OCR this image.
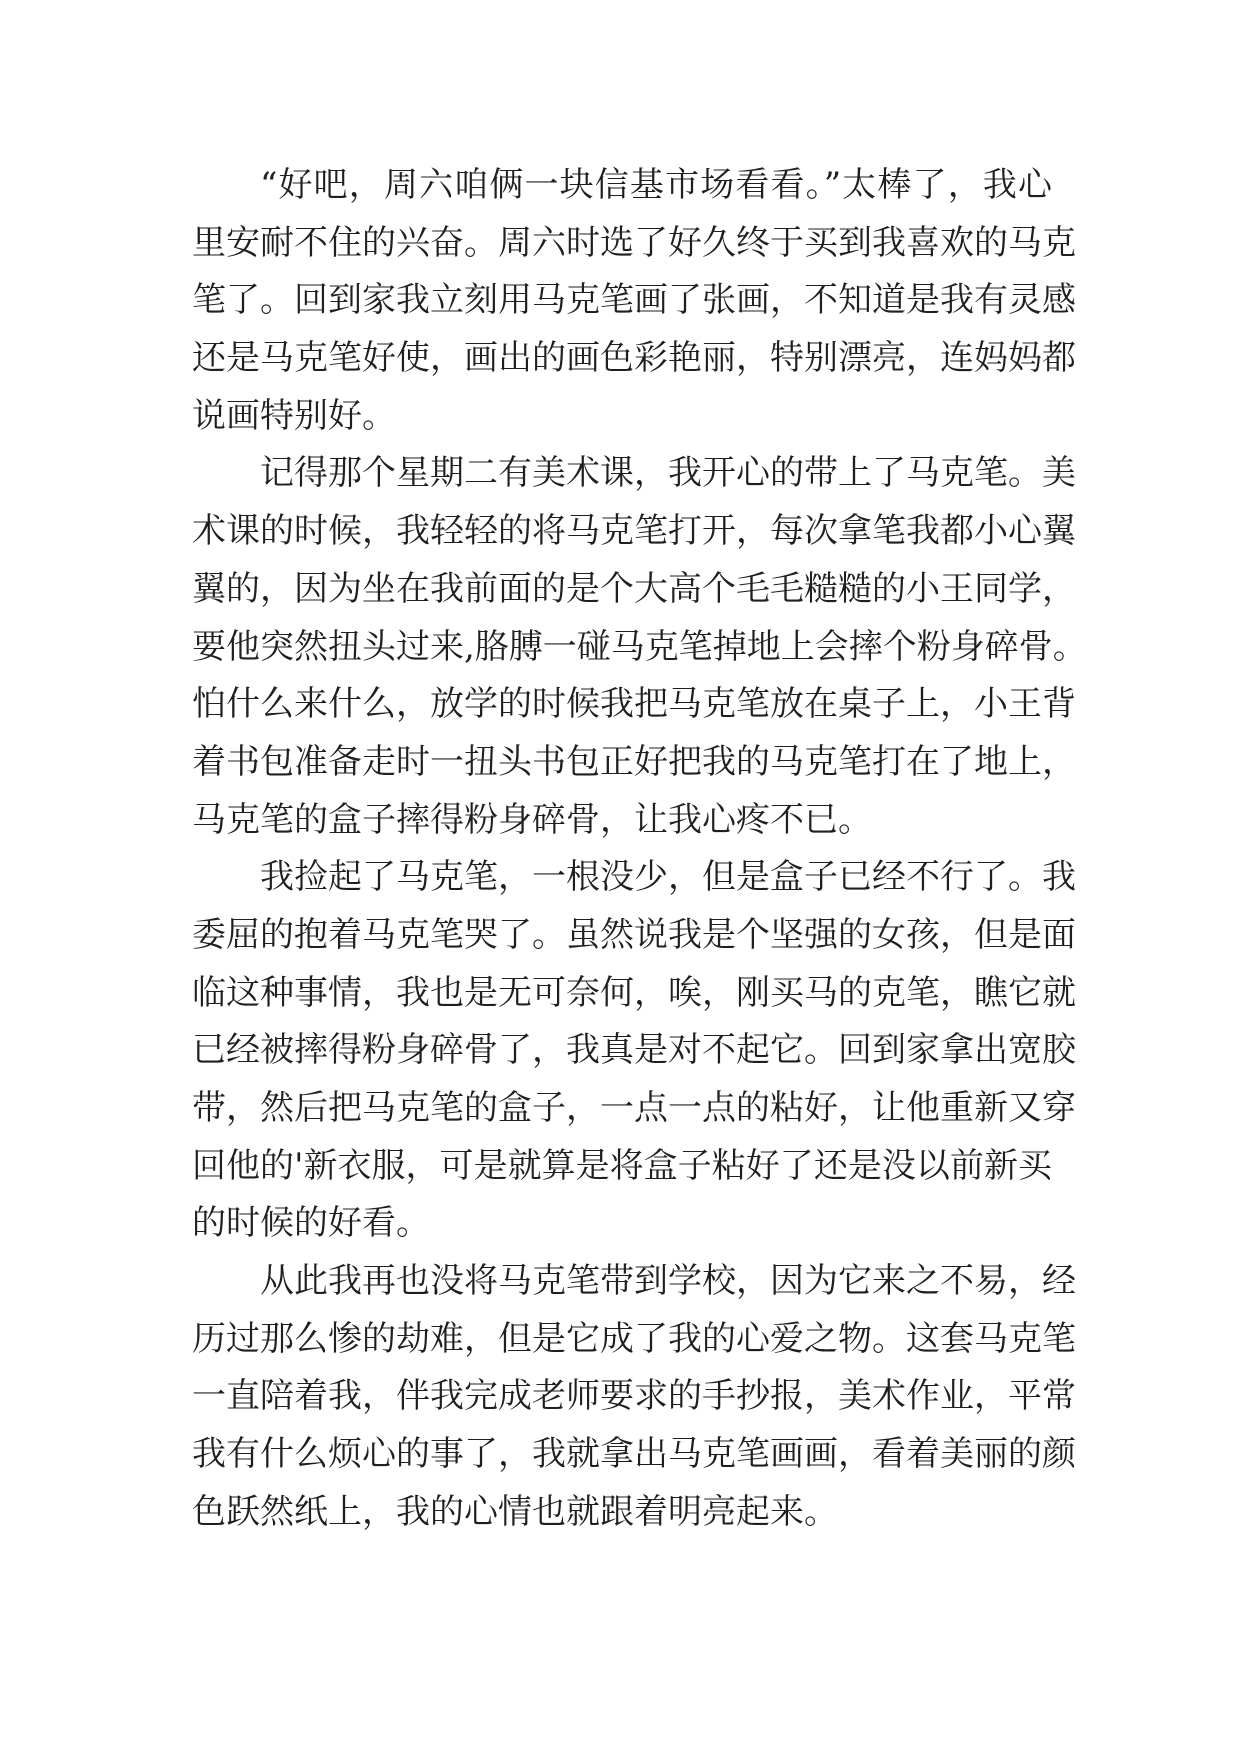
“好吧，周六咱俩一块信基市场看看。”太棒了，我心
里安耐不住的兴奋。周六时选了好久终于买到我喜欢的马克
笔了。回到家我立刻用马克笔画了张画，不知道是我有灵感
还是马克笔好使，画出的画色彩艳丽，特别漂亮，连妈妈都
说画特别好。
记得那个星期二有美术课，我开心的带上了马克笔。美
术课的时候，我轻轻的将马克笔打开，每次拿笔我都小心翼
翼的，因为坐在我前面的是个大高个毛毛糙糙的小王同学，
要他突然扭头过来,胳膊一碰马克笔掉地上会摔个粉身碎骨。
怕什么来什么，放学的时候我把马克笔放在桌子上，小王背
着书包准备走时一扭头书包正好把我的马克笔打在了地上，
马克笔的盒子摔得粉身碎骨，让我心疼不已。
我捡起了马克笔，一根没少，但是盒子已经不行了。我
委屈的抱着马克笔哭了。虽然说我是个坚强的女孩，但是面
临这种事情，我也是无可奈何，唉，刚买马的克笔，瞧它就
已经被摔得粉身碎骨了，我真是对不起它。回到家拿出宽胶
带，然后把马克笔的盒子，一点一点的粘好，让他重新又穿
回他的'新衣服，可是就算是将盒子粘好了还是没以前新买
的时候的好看。
从此我再也没将马克笔带到学校，因为它来之不易，经
历过那么惨的劫难，但是它成了我的心爱之物。这套马克笔
一直陪着我，伴我完成老师要求的手抄报，美术作业，平常
我有什么烦心的事了，我就拿出马克笔画画，看着美丽的颜
色跃然纸上，我的心情也就跟着明亮起来。
